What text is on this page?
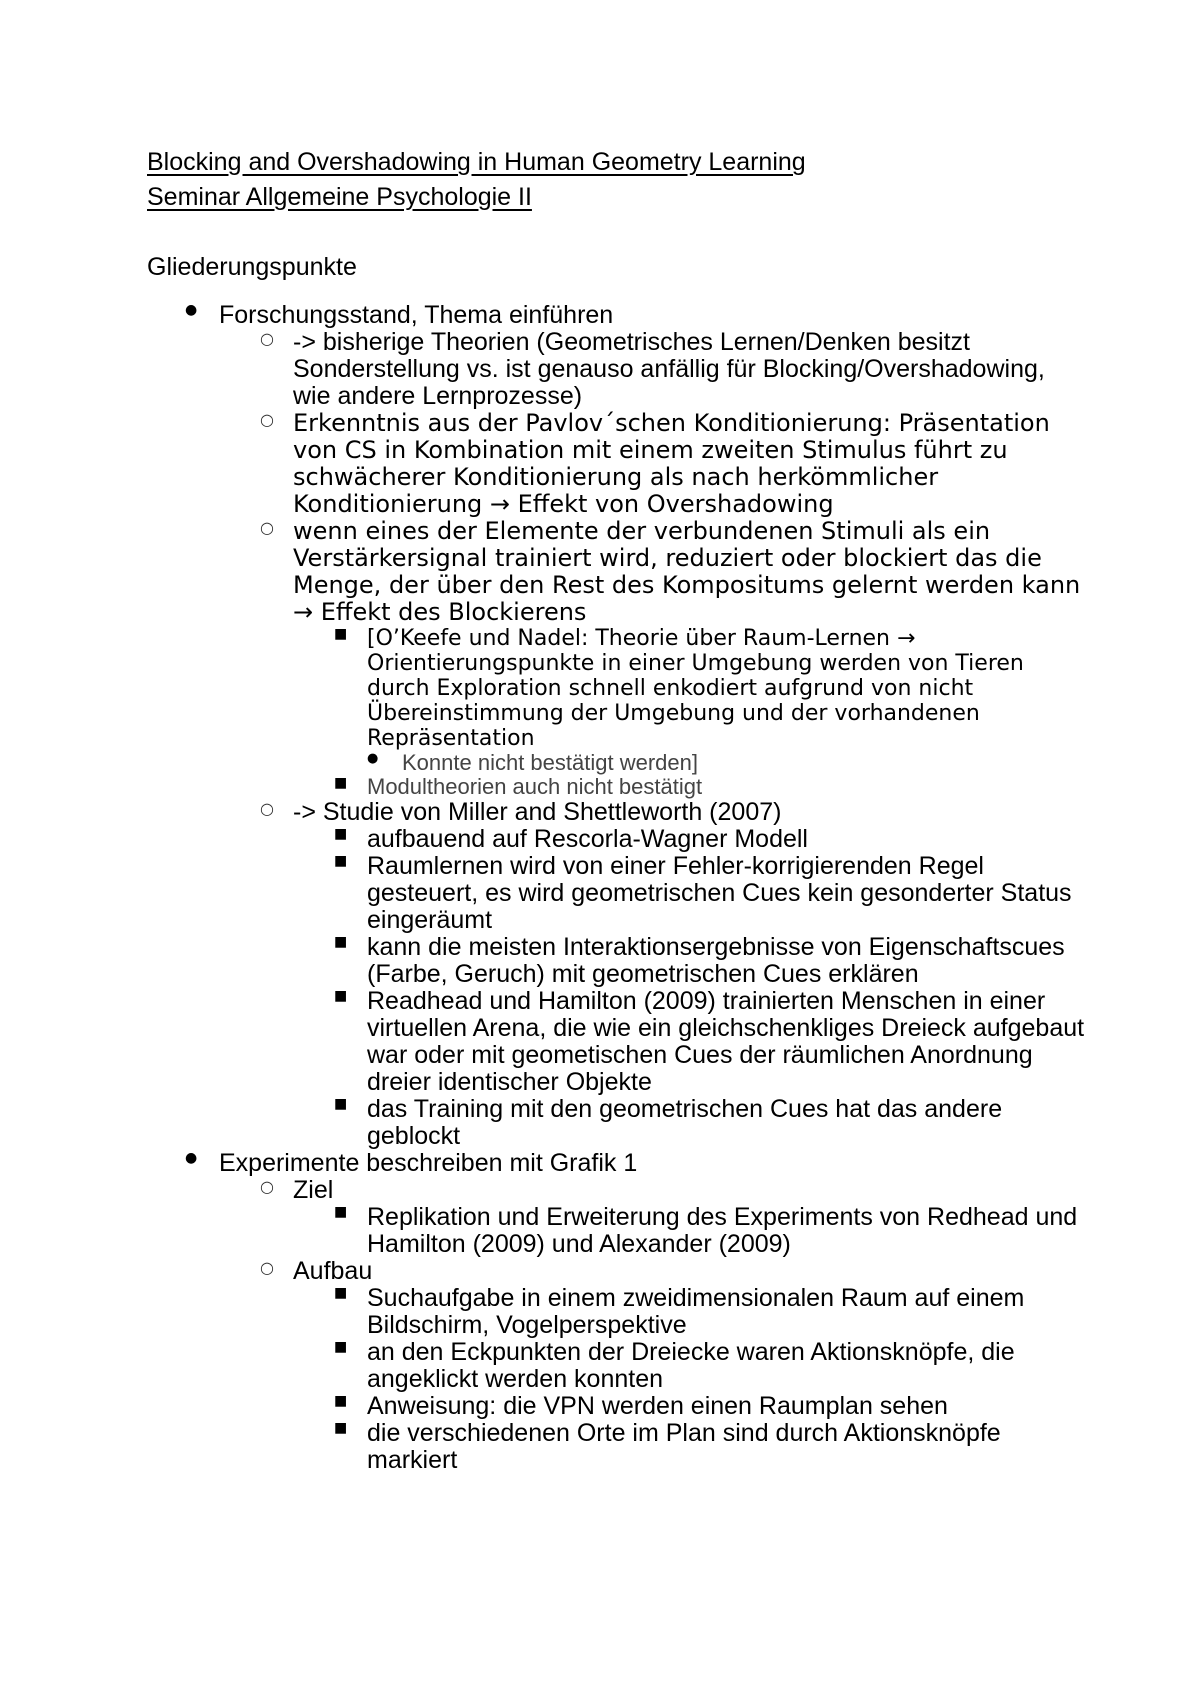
Blocking and Overshadowing in Human Geometry Learning
Seminar Allgemeine Psychologie II
Gliederungspunkte
● Forschungsstand, Thema einführen
○ -> bisherige Theorien (Geometrisches Lernen/Denken besitzt Sonderstellung vs. ist genauso anfällig für Blocking/Overshadowing, wie andere Lernprozesse)
○ Erkenntnis aus der Pavlov´schen Konditionierung: Präsentation von CS in Kombination mit einem zweiten Stimulus führt zu schwächerer Konditionierung als nach herkömmlicher Konditionierung → Effekt von Overshadowing
○ wenn eines der Elemente der verbundenen Stimuli als ein Verstärkersignal trainiert wird, reduziert oder blockiert das die Menge, der über den Rest des Kompositums gelernt werden kann → Effekt des Blockierens
■ [O’Keefe und Nadel: Theorie über Raum-Lernen → Orientierungspunkte in einer Umgebung werden von Tieren durch Exploration schnell enkodiert aufgrund von nicht Übereinstimmung der Umgebung und der vorhandenen Repräsentation
● Konnte nicht bestätigt werden]
■ Modultheorien auch nicht bestätigt
○ -> Studie von Miller and Shettleworth (2007)
■ aufbauend auf Rescorla-Wagner Modell
■ Raumlernen wird von einer Fehler-korrigierenden Regel gesteuert, es wird geometrischen Cues kein gesonderter Status eingeräumt
■ kann die meisten Interaktionsergebnisse von Eigenschaftscues (Farbe, Geruch) mit geometrischen Cues erklären
■ Readhead und Hamilton (2009) trainierten Menschen in einer virtuellen Arena, die wie ein gleichschenkliges Dreieck aufgebaut war oder mit geometischen Cues der räumlichen Anordnung dreier identischer Objekte
■ das Training mit den geometrischen Cues hat das andere geblockt
● Experimente beschreiben mit Grafik 1
○ Ziel
■ Replikation und Erweiterung des Experiments von Redhead und Hamilton (2009) und Alexander (2009)
○ Aufbau
■ Suchaufgabe in einem zweidimensionalen Raum auf einem Bildschirm, Vogelperspektive
■ an den Eckpunkten der Dreiecke waren Aktionsknöpfe, die angeklickt werden konnten
■ Anweisung: die VPN werden einen Raumplan sehen
■ die verschiedenen Orte im Plan sind durch Aktionsknöpfe markiert
